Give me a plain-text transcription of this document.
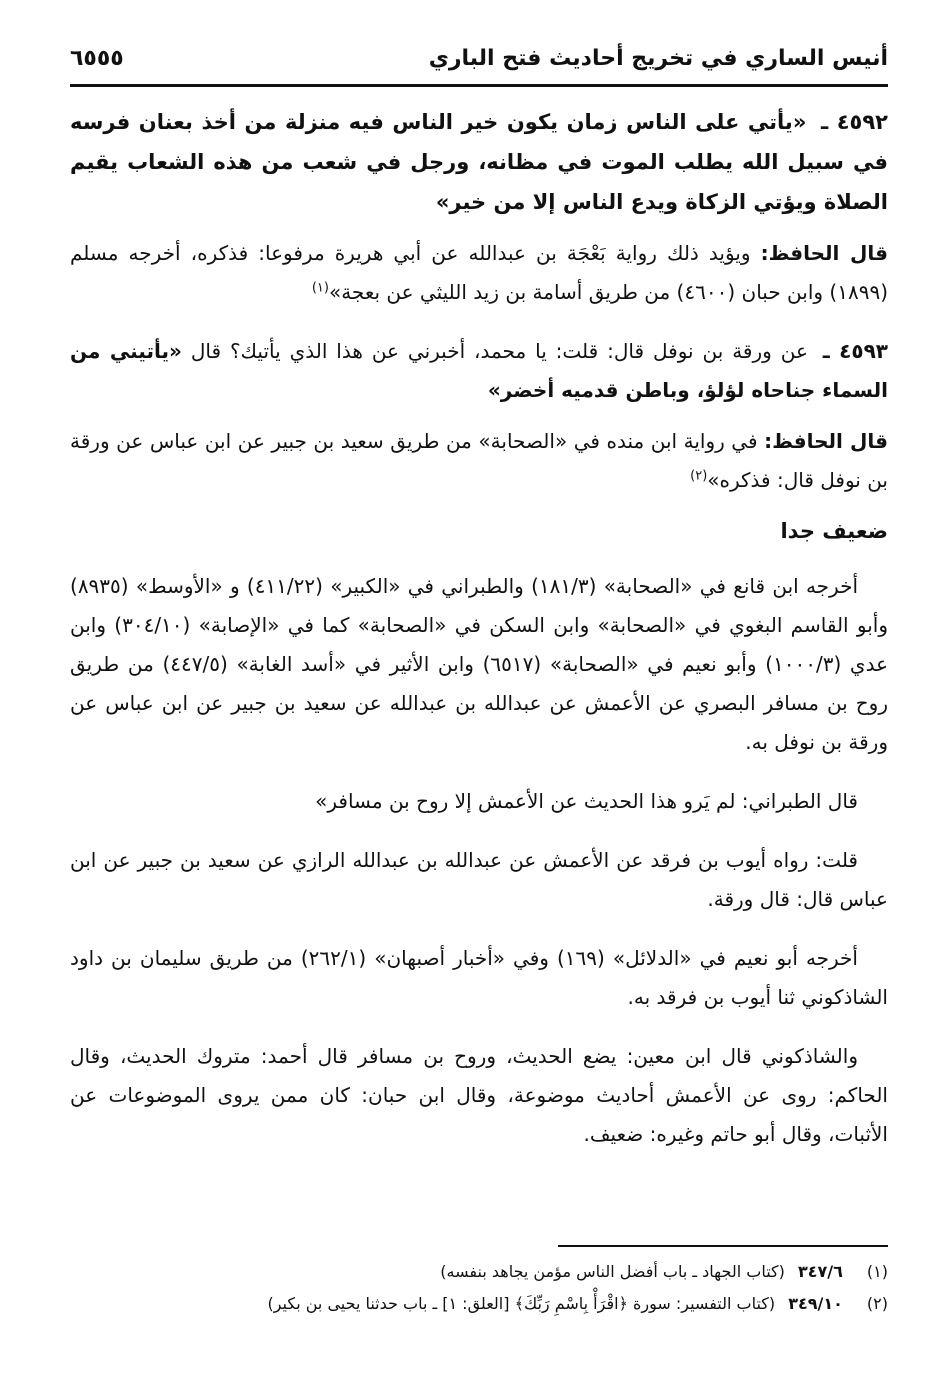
أنيس الساري في تخريج أحاديث فتح الباري
٦٥٥٥

٤٥٩٢ ـ «يأتي على الناس زمان يكون خير الناس فيه منزلة من أخذ بعنان فرسه في سبيل الله يطلب الموت في مظانه، ورجل في شعب من هذه الشعاب يقيم الصلاة ويؤتي الزكاة ويدع الناس إلا من خير»

قال الحافظ: ويؤيد ذلك رواية بَعْجَة بن عبدالله عن أبي هريرة مرفوعا: فذكره، أخرجه مسلم (١٨٩٩) وابن حبان (٤٦٠٠) من طريق أسامة بن زيد الليثي عن بعجة»$^{(١)}$

٤٥٩٣ ـ عن ورقة بن نوفل قال: قلت: يا محمد، أخبرني عن هذا الذي يأتيك؟ قال «يأتيني من السماء جناحاه لؤلؤ، وباطن قدميه أخضر»

قال الحافظ: في رواية ابن منده في «الصحابة» من طريق سعيد بن جبير عن ابن عباس عن ورقة بن نوفل قال: فذكره»$^{(٢)}$

ضعيف جدا

أخرجه ابن قانع في «الصحابة» (١٨١/٣) والطبراني في «الكبير» (٤١١/٢٢) و «الأوسط» (٨٩٣٥) وأبو القاسم البغوي في «الصحابة» وابن السكن في «الصحابة» كما في «الإصابة» (٣٠٤/١٠) وابن عدي (١٠٠٠/٣) وأبو نعيم في «الصحابة» (٦٥١٧) وابن الأثير في «أسد الغابة» (٤٤٧/٥) من طريق روح بن مسافر البصري عن الأعمش عن عبدالله بن عبدالله عن سعيد بن جبير عن ابن عباس عن ورقة بن نوفل به.

قال الطبراني: لم يَرو هذا الحديث عن الأعمش إلا روح بن مسافر»

قلت: رواه أيوب بن فرقد عن الأعمش عن عبدالله بن عبدالله الرازي عن سعيد بن جبير عن ابن عباس قال: قال ورقة.

أخرجه أبو نعيم في «الدلائل» (١٦٩) وفي «أخبار أصبهان» (٢٦٢/١) من طريق سليمان بن داود الشاذكوني ثنا أيوب بن فرقد به.

والشاذكوني قال ابن معين: يضع الحديث، وروح بن مسافر قال أحمد: متروك الحديث، وقال الحاكم: روى عن الأعمش أحاديث موضوعة، وقال ابن حبان: كان ممن يروى الموضوعات عن الأثبات، وقال أبو حاتم وغيره: ضعيف.

(١) ٣٤٧/٦ (كتاب الجهاد ـ باب أفضل الناس مؤمن يجاهد بنفسه)
(٢) ٣٤٩/١٠ (كتاب التفسير: سورة ﴿اقْرَأْ بِاسْمِ رَبِّكَ﴾ [العلق: ١] ـ باب حدثنا يحيى بن بكير)
